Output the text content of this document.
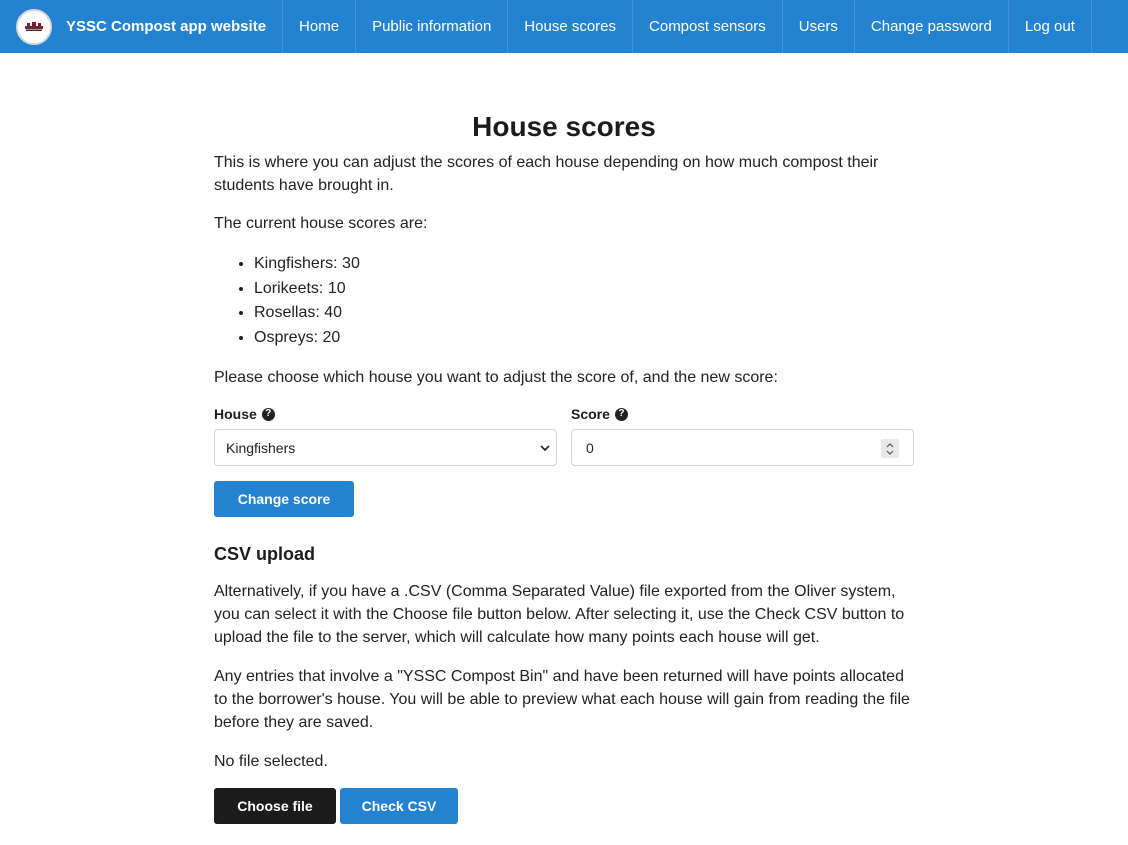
YSSC Compost app website	Home	Public information	House scores	Compost sensors	Users	Change password	Log out
House scores

This is where you can adjust the scores of each house depending on how much compost their students have brought in.

The current house scores are:

• Kingfishers: 30
• Lorikeets: 10
• Rosellas: 40
• Ospreys: 20

Please choose which house you want to adjust the score of, and the new score:

House ?
Kingfishers
Score ?
0
Change score
CSV upload

Alternatively, if you have a .CSV (Comma Separated Value) file exported from the Oliver system, you can select it with the Choose file button below. After selecting it, use the Check CSV button to upload the file to the server, which will calculate how many points each house will get.

Any entries that involve a "YSSC Compost Bin" and have been returned will have points allocated to the borrower's house. You will be able to preview what each house will gain from reading the file before they are saved.

No file selected.

Choose file	Check CSV
